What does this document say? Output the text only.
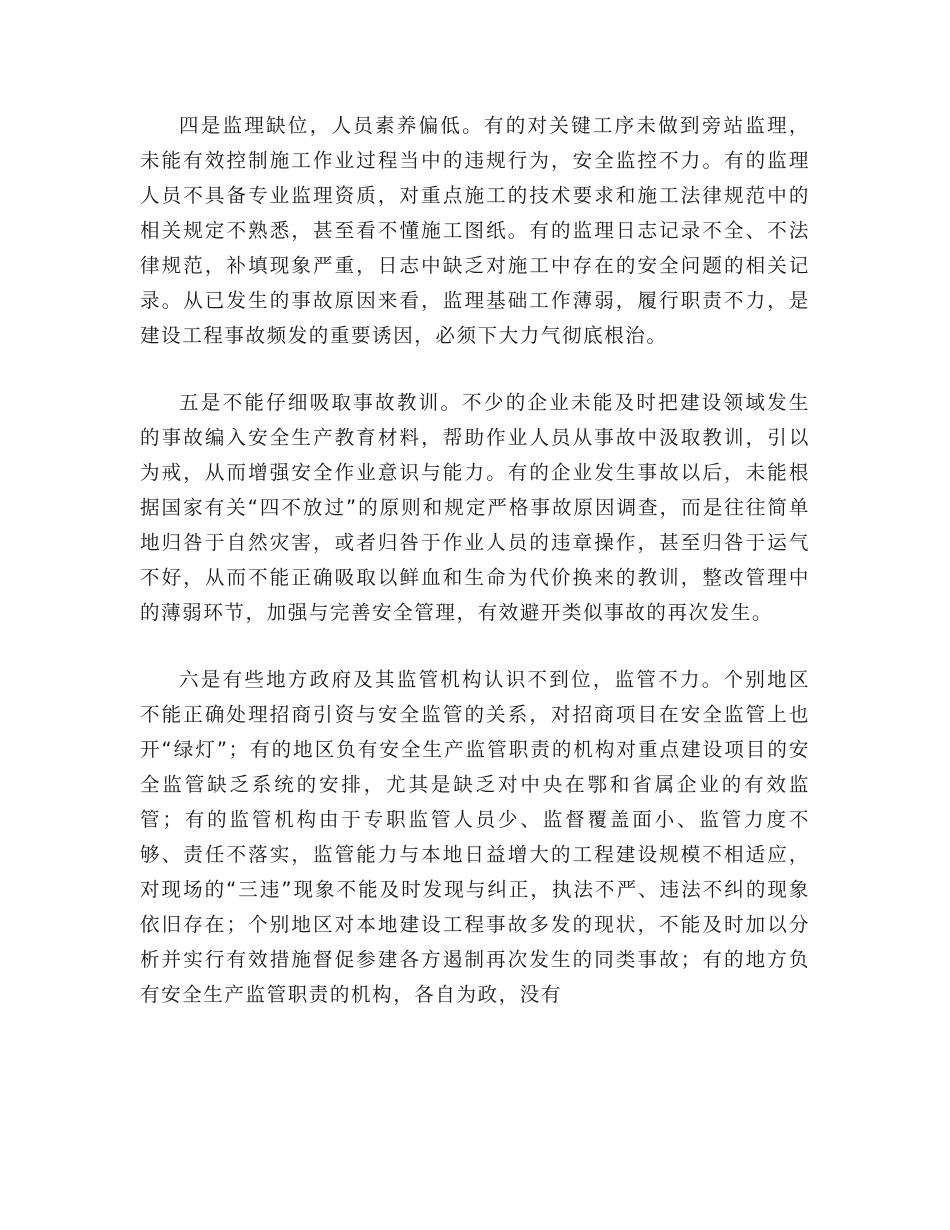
四是监理缺位，人员素养偏低。有的对关键工序未做到旁站监理，未能有效控制施工作业过程当中的违规行为，安全监控不力。有的监理人员不具备专业监理资质，对重点施工的技术要求和施工法律规范中的相关规定不熟悉，甚至看不懂施工图纸。有的监理日志记录不全、不法律规范，补填现象严重，日志中缺乏对施工中存在的安全问题的相关记录。从已发生的事故原因来看，监理基础工作薄弱，履行职责不力，是建设工程事故频发的重要诱因，必须下大力气彻底根治。

五是不能仔细吸取事故教训。不少的企业未能及时把建设领域发生的事故编入安全生产教育材料，帮助作业人员从事故中汲取教训，引以为戒，从而增强安全作业意识与能力。有的企业发生事故以后，未能根据国家有关“四不放过”的原则和规定严格事故原因调查，而是往往简单地归咎于自然灾害，或者归咎于作业人员的违章操作，甚至归咎于运气不好，从而不能正确吸取以鲜血和生命为代价换来的教训，整改管理中的薄弱环节，加强与完善安全管理，有效避开类似事故的再次发生。

六是有些地方政府及其监管机构认识不到位，监管不力。个别地区不能正确处理招商引资与安全监管的关系，对招商项目在安全监管上也开“绿灯”；有的地区负有安全生产监管职责的机构对重点建设项目的安全监管缺乏系统的安排，尤其是缺乏对中央在鄂和省属企业的有效监管；有的监管机构由于专职监管人员少、监督覆盖面小、监管力度不够、责任不落实，监管能力与本地日益增大的工程建设规模不相适应，对现场的“三违”现象不能及时发现与纠正，执法不严、违法不纠的现象依旧存在；个别地区对本地建设工程事故多发的现状，不能及时加以分析并实行有效措施督促参建各方遏制再次发生的同类事故；有的地方负有安全生产监管职责的机构，各自为政，没有
